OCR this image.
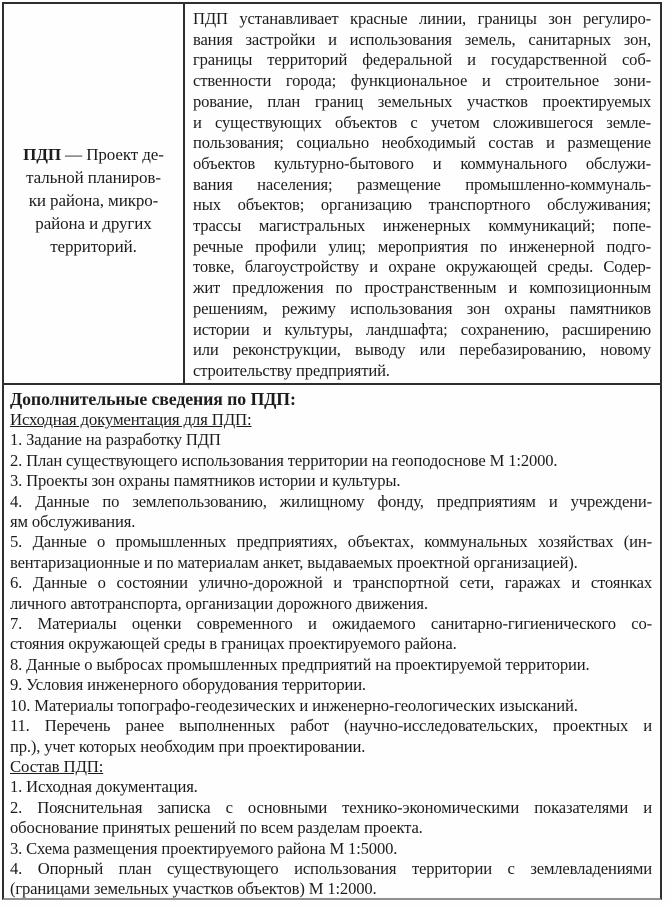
ПДП — Проект де-
тальной планиров-
ки района, микро-
района и других
территорий.
ПДП устанавливает красные линии, границы зон регулиро-
вания застройки и использования земель, санитарных зон,
границы территорий федеральной и государственной соб-
ственности города; функциональное и строительное зони-
рование, план границ земельных участков проектируемых
и существующих объектов с учетом сложившегося земле-
пользования; социально необходимый состав и размещение
объектов культурно-бытового и коммунального обслужи-
вания населения; размещение промышленно-коммуналь-
ных объектов; организацию транспортного обслуживания;
трассы магистральных инженерных коммуникаций; попе-
речные профили улиц; мероприятия по инженерной подго-
товке, благоустройству и охране окружающей среды. Содер-
жит предложения по пространственным и композиционным
решениям, режиму использования зон охраны памятников
истории и культуры, ландшафта; сохранению, расширению
или реконструкции, выводу или перебазированию, новому
строительству предприятий.
Дополнительные сведения по ПДП:
Исходная документация для ПДП:
1. Задание на разработку ПДП
2. План существующего использования территории на геоподоснове М 1:2000.
3. Проекты зон охраны памятников истории и культуры.
4. Данные по землепользованию, жилищному фонду, предприятиям и учреждени-
ям обслуживания.
5. Данные о промышленных предприятиях, объектах, коммунальных хозяйствах (ин-
вентаризационные и по материалам анкет, выдаваемых проектной организацией).
6. Данные о состоянии улично-дорожной и транспортной сети, гаражах и стоянках
личного автотранспорта, организации дорожного движения.
7. Материалы оценки современного и ожидаемого санитарно-гигиенического со-
стояния окружающей среды в границах проектируемого района.
8. Данные о выбросах промышленных предприятий на проектируемой территории.
9. Условия инженерного оборудования территории.
10. Материалы топографо-геодезических и инженерно-геологических изысканий.
11. Перечень ранее выполненных работ (научно-исследовательских, проектных и
пр.), учет которых необходим при проектировании.
Состав ПДП:
1. Исходная документация.
2. Пояснительная записка с основными технико-экономическими показателями и
обоснование принятых решений по всем разделам проекта.
3. Схема размещения проектируемого района М 1:5000.
4. Опорный план существующего использования территории с землевладениями
(границами земельных участков объектов) М 1:2000.
